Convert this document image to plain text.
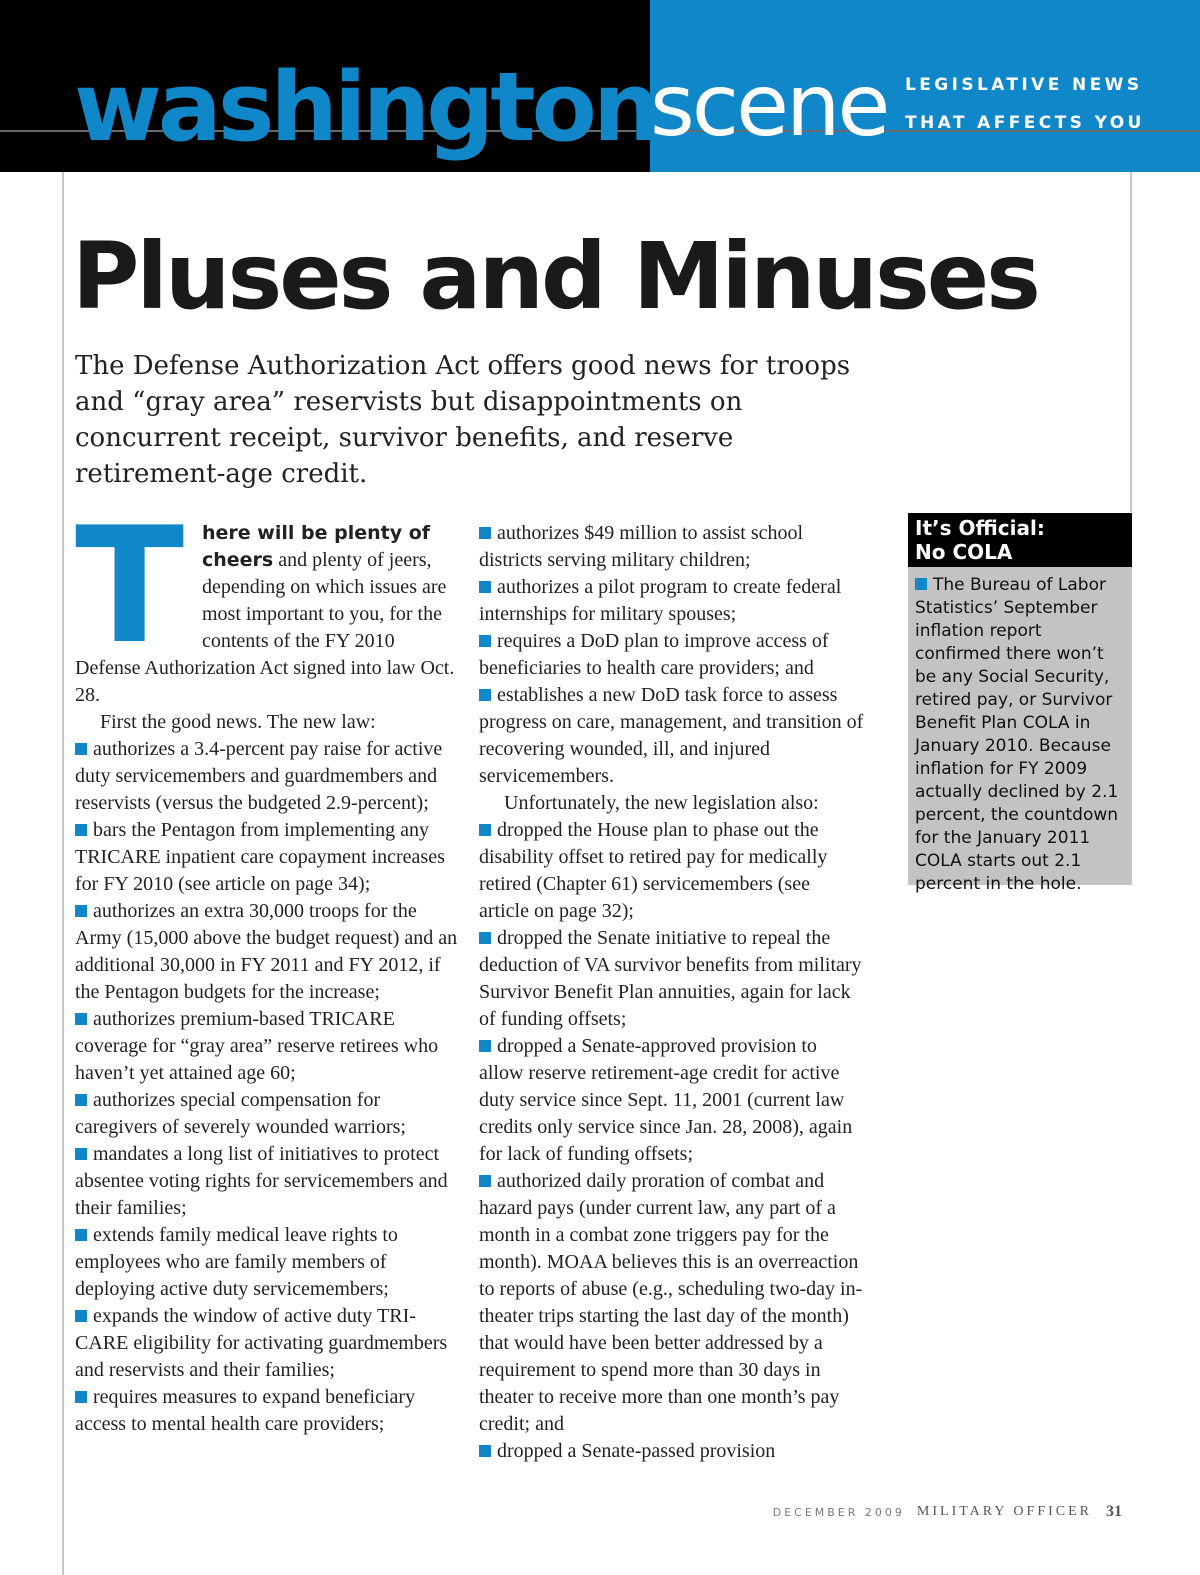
washington
scene LEGISLATIVE NEWS
THAT AFFECTS YOU
Pluses and Minuses
The Defense Authorization Act offers good news for troops and “gray area” reservists but disappointments on concurrent receipt, survivor benefits, and reserve retirement-age credit.
T here will be plenty of cheers and plenty of jeers, depending on which issues are most important to you, for the contents of the FY 2010 Defense Authorization Act signed into law Oct. 28.

First the good news. The new law:

authorizes a 3.4-percent pay raise for active duty servicemembers and guardmembers and reservists (versus the budgeted 2.9-percent);

bars the Pentagon from implementing any TRICARE inpatient care copayment increases for FY 2010 (see article on page 34);

authorizes an extra 30,000 troops for the Army (15,000 above the budget request) and an additional 30,000 in FY 2011 and FY 2012, if the Pentagon budgets for the increase;

authorizes premium-based TRICARE coverage for “gray area” reserve retirees who haven’t yet attained age 60;

authorizes special compensation for caregivers of severely wounded warriors;

mandates a long list of initiatives to protect absentee voting rights for servicemembers and their families;

extends family medical leave rights to employees who are family members of deploying active duty servicemembers;

expands the window of active duty TRICARE eligibility for activating guardmembers and reservists and their families;

requires measures to expand beneficiary access to mental health care providers;

authorizes $49 million to assist school districts serving military children;

authorizes a pilot program to create federal internships for military spouses;

requires a DoD plan to improve access of beneficiaries to health care providers; and

establishes a new DoD task force to assess progress on care, management, and transition of recovering wounded, ill, and injured servicemembers.

Unfortunately, the new legislation also:

dropped the House plan to phase out the disability offset to retired pay for medically retired (Chapter 61) servicemembers (see article on page 32);

dropped the Senate initiative to repeal the deduction of VA survivor benefits from military Survivor Benefit Plan annuities, again for lack of funding offsets;

dropped a Senate-approved provision to allow reserve retirement-age credit for active duty service since Sept. 11, 2001 (current law credits only service since Jan. 28, 2008), again for lack of funding offsets;

authorized daily proration of combat and hazard pays (under current law, any part of a month in a combat zone triggers pay for the month). MOAA believes this is an overreaction to reports of abuse (e.g., scheduling two-day in-theater trips starting the last day of the month) that would have been better addressed by a requirement to spend more than 30 days in theater to receive more than one month’s pay credit; and

dropped a Senate-passed provision

It’s Official:
No COLA
The Bureau of Labor Statistics’ September inflation report confirmed there won’t be any Social Security, retired pay, or Survivor Benefit Plan COLA in January 2010. Because inflation for FY 2009 actually declined by 2.1 percent, the countdown for the January 2011 COLA starts out 2.1 percent in the hole.
DECEMBER 2009 MILITARY OFFICER 31
